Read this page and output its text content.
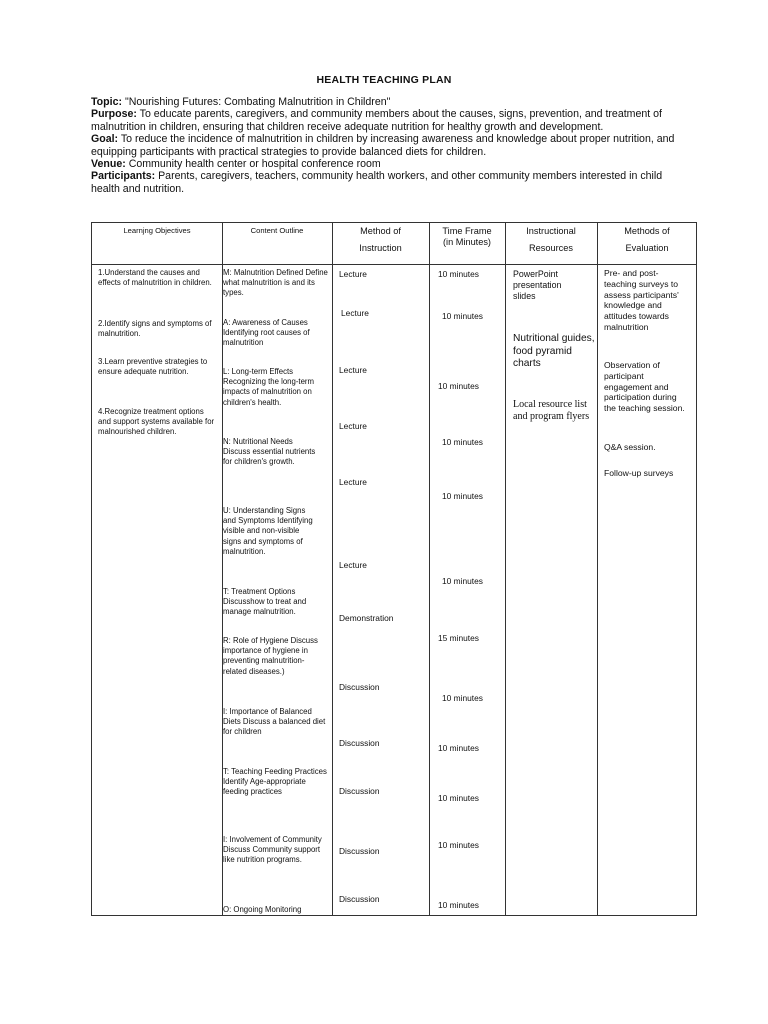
HEALTH TEACHING PLAN

Topic: "Nourishing Futures: Combating Malnutrition in Children"

Purpose: To educate parents, caregivers, and community members about the causes, signs, prevention, and treatment of malnutrition in children, ensuring that children receive adequate nutrition for healthy growth and development.

Goal: To reduce the incidence of malnutrition in children by increasing awareness and knowledge about proper nutrition, and equipping participants with practical strategies to provide balanced diets for children.

Venue: Community health center or hospital conference room

Participants: Parents, caregivers, teachers, community health workers, and other community members interested in child health and nutrition.

Learnjng Objectives	Content Outline	Method of
Instruction
Time Frame
(in Minutes)
Instructional
Resources
Methods of
Evaluation
1.Understand the causes and effects of malnutrition in children.
2.Identify signs and symptoms of malnutrition.
3.Learn preventive strategies to ensure adequate nutrition.
4.Recognize treatment options and support systems available for malnourished children.
M: Malnutrition Defined Define what malnutrition is and its types.
A: Awareness of Causes Identifying root causes of malnutrition
L: Long-term Effects Recognizing the long-term impacts of malnutrition on children's health.
N: Nutritional Needs Discuss essential nutrients for children's growth.
U: Understanding Signs and Symptoms Identifying visible and non-visible signs and symptoms of malnutrition.
T: Treatment Options Discusshow to treat and manage malnutrition.
R: Role of Hygiene Discuss importance of hygiene in preventing malnutrition-related diseases.)
I: Importance of Balanced Diets Discuss a balanced diet for children
T: Teaching Feeding Practices Identify Age-appropriate feeding practices
I: Involvement of Community Discuss Community support like nutrition programs.
O: Ongoing Monitoring
Lecture
Lecture
Lecture
Lecture
Lecture
Lecture
Demonstration
Discussion
Discussion
Discussion
Discussion
Discussion
10 minutes
10 minutes
10 minutes
10 minutes
10 minutes
10 minutes
15 minutes
10 minutes
10 minutes
10 minutes
10 minutes
10 minutes
PowerPoint presentation slides
Nutritional guides, food pyramid charts
Local resource list and program flyers
Pre- and post-teaching surveys to assess participants' knowledge and attitudes towards malnutrition
Observation of participant engagement and participation during the teaching session.
Q&A session.
Follow-up surveys
